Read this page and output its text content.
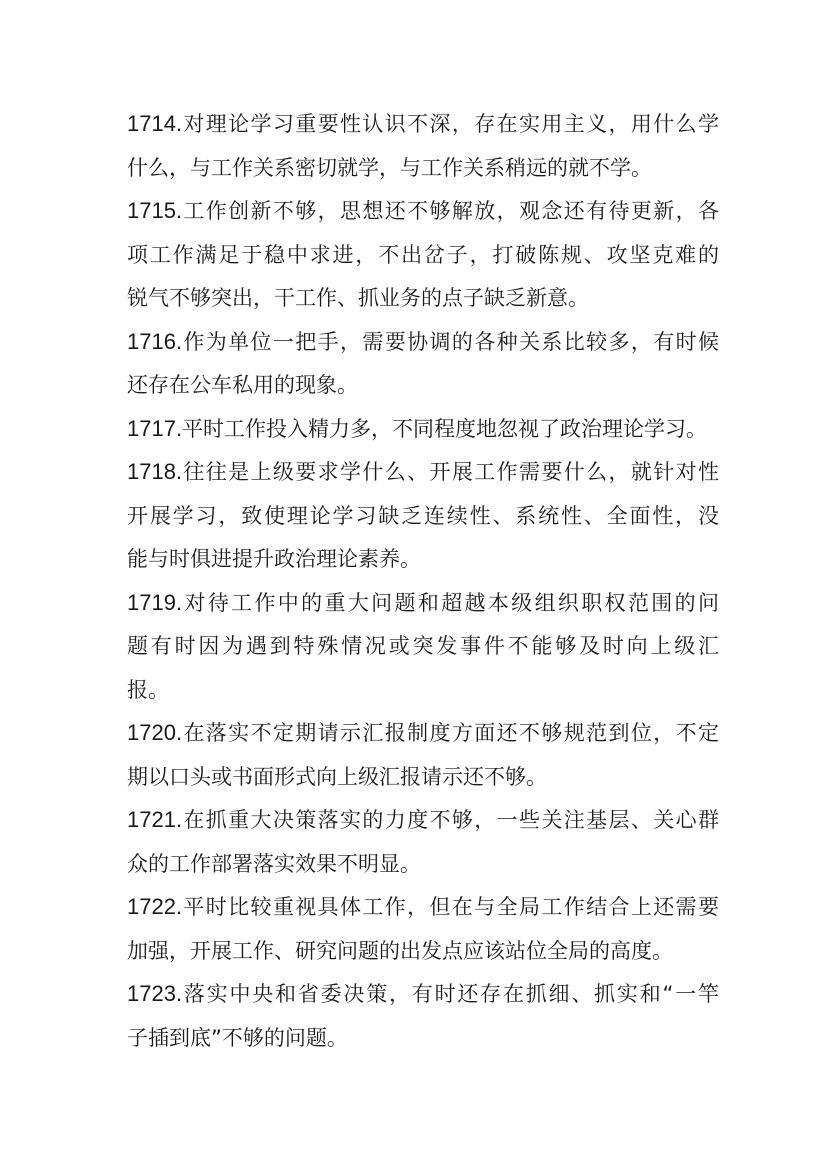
1714.对理论学习重要性认识不深，存在实用主义，用什么学
什么，与工作关系密切就学，与工作关系稍远的就不学。
1715.工作创新不够，思想还不够解放，观念还有待更新，各
项工作满足于稳中求进，不出岔子，打破陈规、攻坚克难的
锐气不够突出，干工作、抓业务的点子缺乏新意。
1716.作为单位一把手，需要协调的各种关系比较多，有时候
还存在公车私用的现象。
1717.平时工作投入精力多，不同程度地忽视了政治理论学习。
1718.往往是上级要求学什么、开展工作需要什么，就针对性
开展学习，致使理论学习缺乏连续性、系统性、全面性，没
能与时俱进提升政治理论素养。
1719.对待工作中的重大问题和超越本级组织职权范围的问
题有时因为遇到特殊情况或突发事件不能够及时向上级汇
报。
1720.在落实不定期请示汇报制度方面还不够规范到位，不定
期以口头或书面形式向上级汇报请示还不够。
1721.在抓重大决策落实的力度不够，一些关注基层、关心群
众的工作部署落实效果不明显。
1722.平时比较重视具体工作，但在与全局工作结合上还需要
加强，开展工作、研究问题的出发点应该站位全局的高度。
1723.落实中央和省委决策，有时还存在抓细、抓实和“一竿
子插到底”不够的问题。
